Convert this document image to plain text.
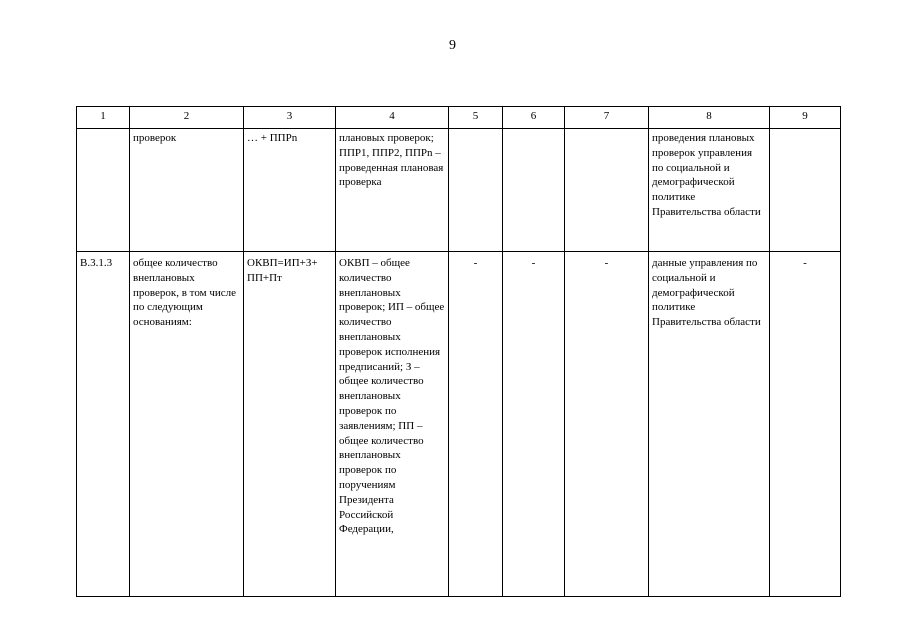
9
1	2	3	4	5	6	7	8	9
	проверок	… + ППРn	плановых проверок; ППР1, ППР2, ППРn – проведенная плановая проверка				проведения плановых проверок управления по социальной и демографической политике Правительства области	
В.3.1.3	общее количество внеплановых проверок, в том числе по следующим основаниям:	ОКВП=ИП+З+ ПП+Пт	ОКВП – общее количество внеплановых проверок; ИП – общее количество внеплановых проверок исполнения предписаний; З – общее количество внеплановых проверок по заявлениям; ПП – общее количество внеплановых проверок по поручениям Президента Российской Федерации,	-	-	-	данные управления по социальной и демографической политике Правительства области	-
